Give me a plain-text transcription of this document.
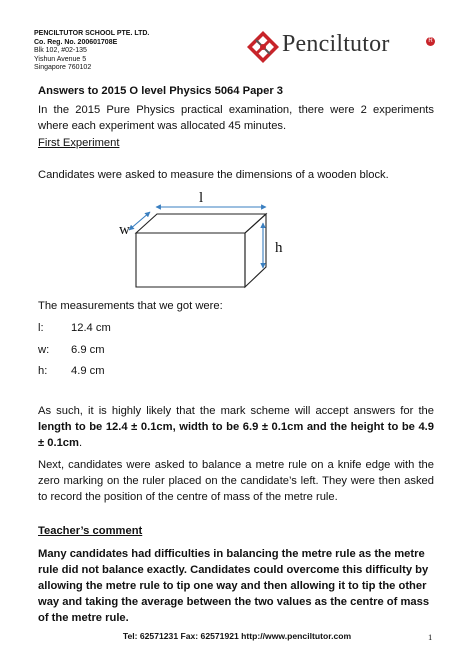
PENCILTUTOR SCHOOL PTE. LTD.
Co. Reg. No. 200601708E
Blk 102, #02-135
Yishun Avenue 5
Singapore 760102
Penciltutor	R
Answers to 2015 O level Physics 5064 Paper 3
In the 2015 Pure Physics practical examination, there were 2 experiments where each experiment was allocated 45 minutes.
First Experiment
Candidates were asked to measure the dimensions of a wooden block.
l
w
h
The measurements that we got were:
l: 12.4 cm
w: 6.9 cm
h: 4.9 cm
As such, it is highly likely that the mark scheme will accept answers for the length to be 12.4 ± 0.1cm, width to be 6.9 ± 0.1cm and the height to be 4.9 ± 0.1cm.
Next, candidates were asked to balance a metre rule on a knife edge with the zero marking on the ruler placed on the candidate’s left. They were then asked to record the position of the centre of mass of the metre rule.
Teacher’s comment
Many candidates had difficulties in balancing the metre rule as the metre rule did not balance exactly. Candidates could overcome this difficulty by allowing the metre rule to tip one way and then allowing it to tip the other way and taking the average between the two values as the centre of mass of the metre rule.
Tel: 62571231 Fax: 62571921 http://www.penciltutor.com	1
